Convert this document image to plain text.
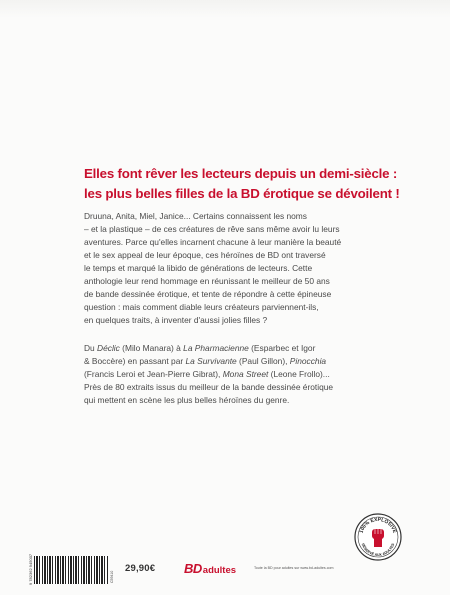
Elles font rêver les lecteurs depuis un demi-siècle :
les plus belles filles de la BD érotique se dévoilent !
Druuna, Anita, Miel, Janice... Certains connaissent les noms
– et la plastique – de ces créatures de rêve sans même avoir lu leurs
aventures. Parce qu'elles incarnent chacune à leur manière la beauté
et le sex appeal de leur époque, ces héroïnes de BD ont traversé
le temps et marqué la libido de générations de lecteurs. Cette
anthologie leur rend hommage en réunissant le meilleur de 50 ans
de bande dessinée érotique, et tente de répondre à cette épineuse
question : mais comment diable leurs créateurs parviennent-ils,
en quelques traits, à inventer d'aussi jolies filles ?
Du Déclic (Milo Manara) à La Pharmacienne (Esparbec et Igor
& Boccère) en passant par La Survivante (Paul Gillon), Pinocchia
(Francis Leroi et Jean-Pierre Gibrat), Mona Street (Leone Frollo)...
Près de 80 extraits issus du meilleur de la bande dessinée érotique
qui mettent en scène les plus belles héroïnes du genre.
9 782362 945007	C59410
29,90€ BD adultes	Toute la BD pour adultes sur www.bd-adultes.com
100% EXPLOSIVE
RÉSERVÉ AUX ADULTES
